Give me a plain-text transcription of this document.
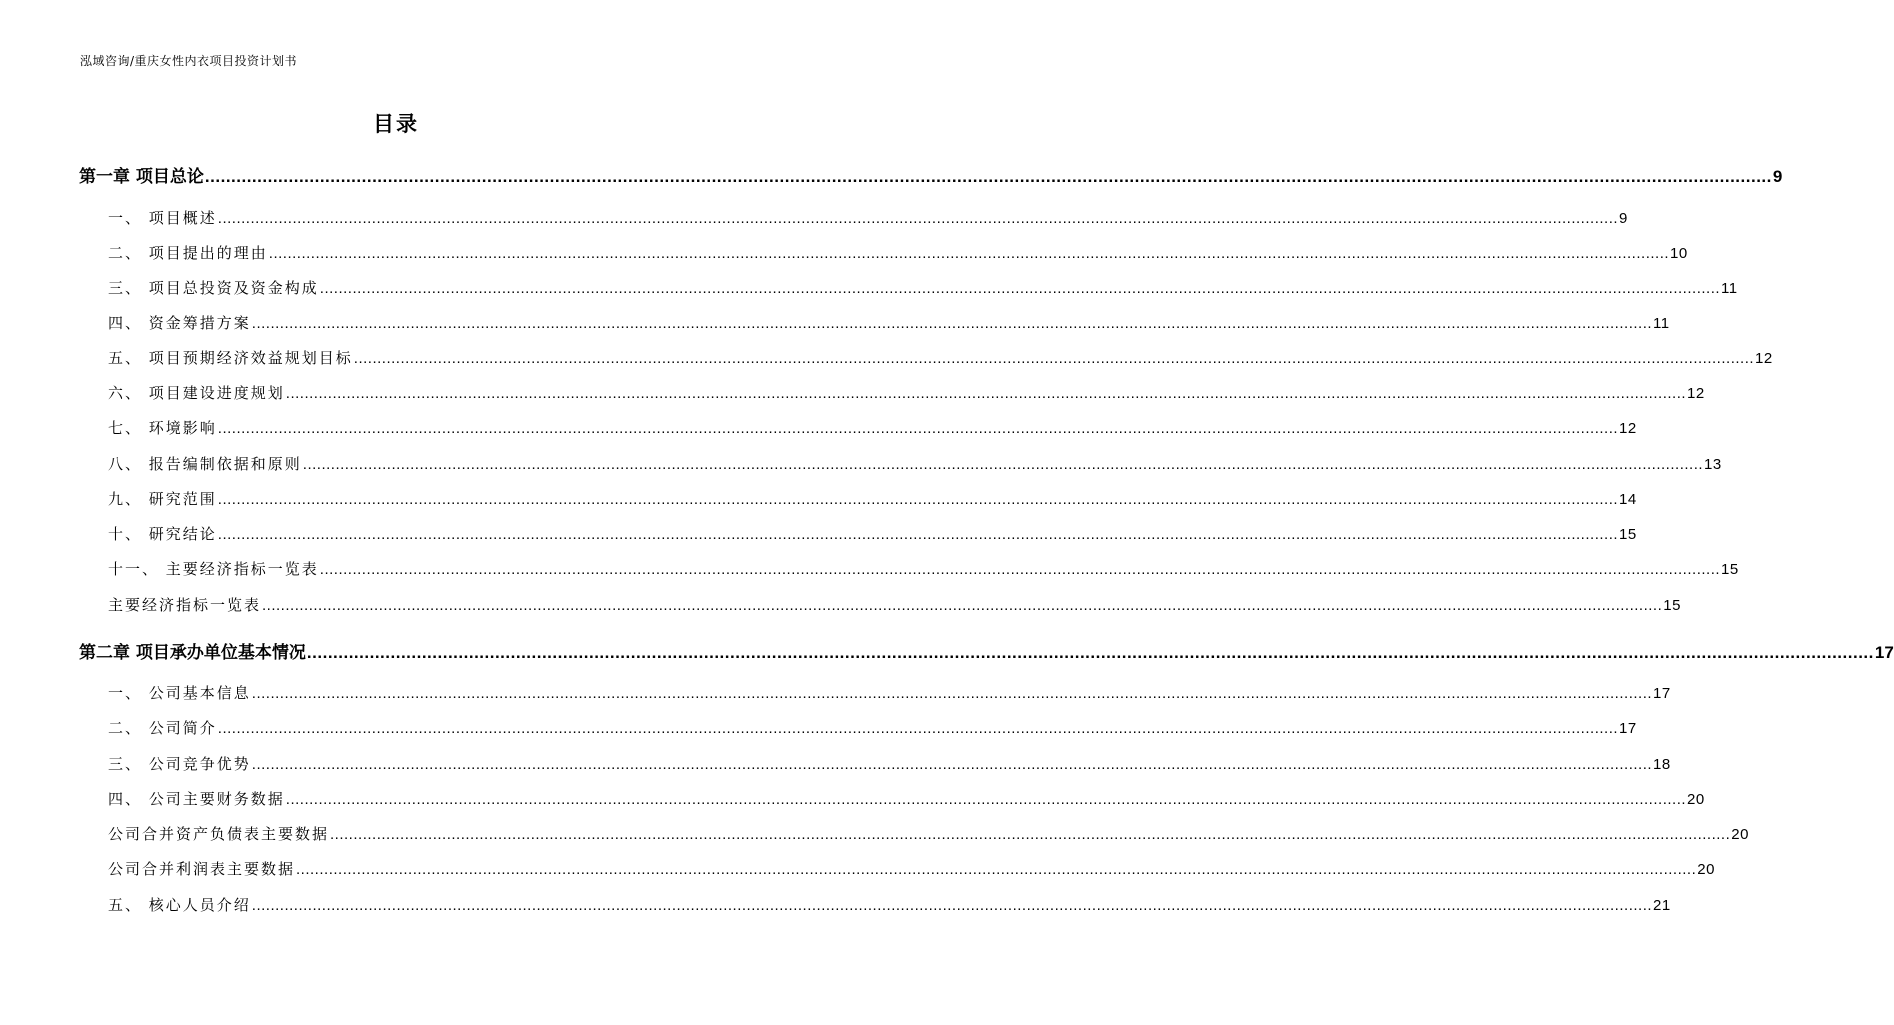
泓域咨询/重庆女性内衣项目投资计划书
目录
第一章 项目总论 ............................................................................................................................................................................................................................................................................................................ 9
一、 项目概述 ............................................................................................................................................................................................................................................................................................................ 9
二、 项目提出的理由 ............................................................................................................................................................................................................................................................................................................ 10
三、 项目总投资及资金构成 ............................................................................................................................................................................................................................................................................................................ 11
四、 资金筹措方案 ............................................................................................................................................................................................................................................................................................................ 11
五、 项目预期经济效益规划目标 ............................................................................................................................................................................................................................................................................................................ 12
六、 项目建设进度规划 ............................................................................................................................................................................................................................................................................................................ 12
七、 环境影响 ............................................................................................................................................................................................................................................................................................................ 12
八、 报告编制依据和原则 ............................................................................................................................................................................................................................................................................................................ 13
九、 研究范围 ............................................................................................................................................................................................................................................................................................................ 14
十、 研究结论 ............................................................................................................................................................................................................................................................................................................ 15
十一、 主要经济指标一览表 ............................................................................................................................................................................................................................................................................................................ 15
主要经济指标一览表 ............................................................................................................................................................................................................................................................................................................ 15
第二章 项目承办单位基本情况 ............................................................................................................................................................................................................................................................................................................ 17
一、 公司基本信息 ............................................................................................................................................................................................................................................................................................................ 17
二、 公司简介 ............................................................................................................................................................................................................................................................................................................ 17
三、 公司竞争优势 ............................................................................................................................................................................................................................................................................................................ 18
四、 公司主要财务数据 ............................................................................................................................................................................................................................................................................................................ 20
公司合并资产负债表主要数据 ............................................................................................................................................................................................................................................................................................................ 20
公司合并利润表主要数据 ............................................................................................................................................................................................................................................................................................................ 20
五、 核心人员介绍 ............................................................................................................................................................................................................................................................................................................ 21
